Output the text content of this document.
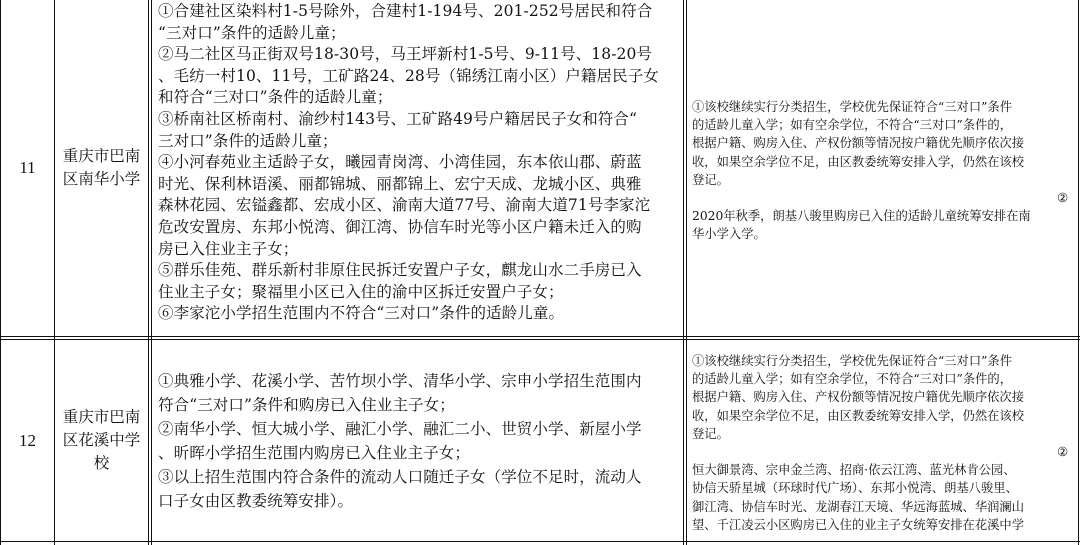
11
重庆市巴南
区南华小学
①合建社区染料村1-5号除外，合建村1-194号、201-252号居民和符合
“三对口”条件的适龄儿童；
②马二社区马正街双号18-30号，马王坪新村1-5号、9-11号、18-20号
、毛纺一村10、11号，工矿路24、28号（锦绣江南小区）户籍居民子女
和符合“三对口”条件的适龄儿童；
③桥南社区桥南村、渝纱村143号、工矿路49号户籍居民子女和符合“
三对口”条件的适龄儿童；
④小河春苑业主适龄子女，曦园青岗湾、小湾佳园，东本依山郡、蔚蓝
时光、保利林语溪、丽都锦城、丽都锦上、宏宁天成、龙城小区、典雅
森林花园、宏镒鑫都、宏成小区、渝南大道77号、渝南大道71号李家沱
危改安置房、东邦小悦湾、御江湾、协信车时光等小区户籍未迁入的购
房已入住业主子女；
⑤群乐佳苑、群乐新村非原住民拆迁安置户子女，麒龙山水二手房已入
住业主子女；聚福里小区已入住的渝中区拆迁安置户子女；
⑥李家沱小学招生范围内不符合“三对口”条件的适龄儿童。
①该校继续实行分类招生，学校优先保证符合“三对口”条件
的适龄儿童入学；如有空余学位，不符合“三对口”条件的，
根据户籍、购房入住、产权份额等情况按户籍优先顺序依次接
收，如果空余学位不足，由区教委统筹安排入学，仍然在该校
登记。
②
2020年秋季，朗基八骏里购房已入住的适龄儿童统筹安排在南
华小学入学。
12
重庆市巴南
区花溪中学
校
①典雅小学、花溪小学、苦竹坝小学、清华小学、宗申小学招生范围内
符合“三对口”条件和购房已入住业主子女；
②南华小学、恒大城小学、融汇小学、融汇二小、世贸小学、新屋小学
、昕晖小学招生范围内购房已入住业主子女；
③以上招生范围内符合条件的流动人口随迁子女（学位不足时，流动人
口子女由区教委统筹安排）。
①该校继续实行分类招生，学校优先保证符合“三对口”条件
的适龄儿童入学；如有空余学位，不符合“三对口”条件的，
根据户籍、购房入住、产权份额等情况按户籍优先顺序依次接
收，如果空余学位不足，由区教委统筹安排入学，仍然在该校
登记。
②
恒大御景湾、宗申金兰湾、招商·依云江湾、蓝光林肯公园、
协信天骄星城（环球时代广场）、东邦小悦湾、朗基八骏里、
御江湾、协信车时光、龙湖春江天境、华远海蓝城、华润澜山
望、千江凌云小区购房已入住的业主子女统筹安排在花溪中学
